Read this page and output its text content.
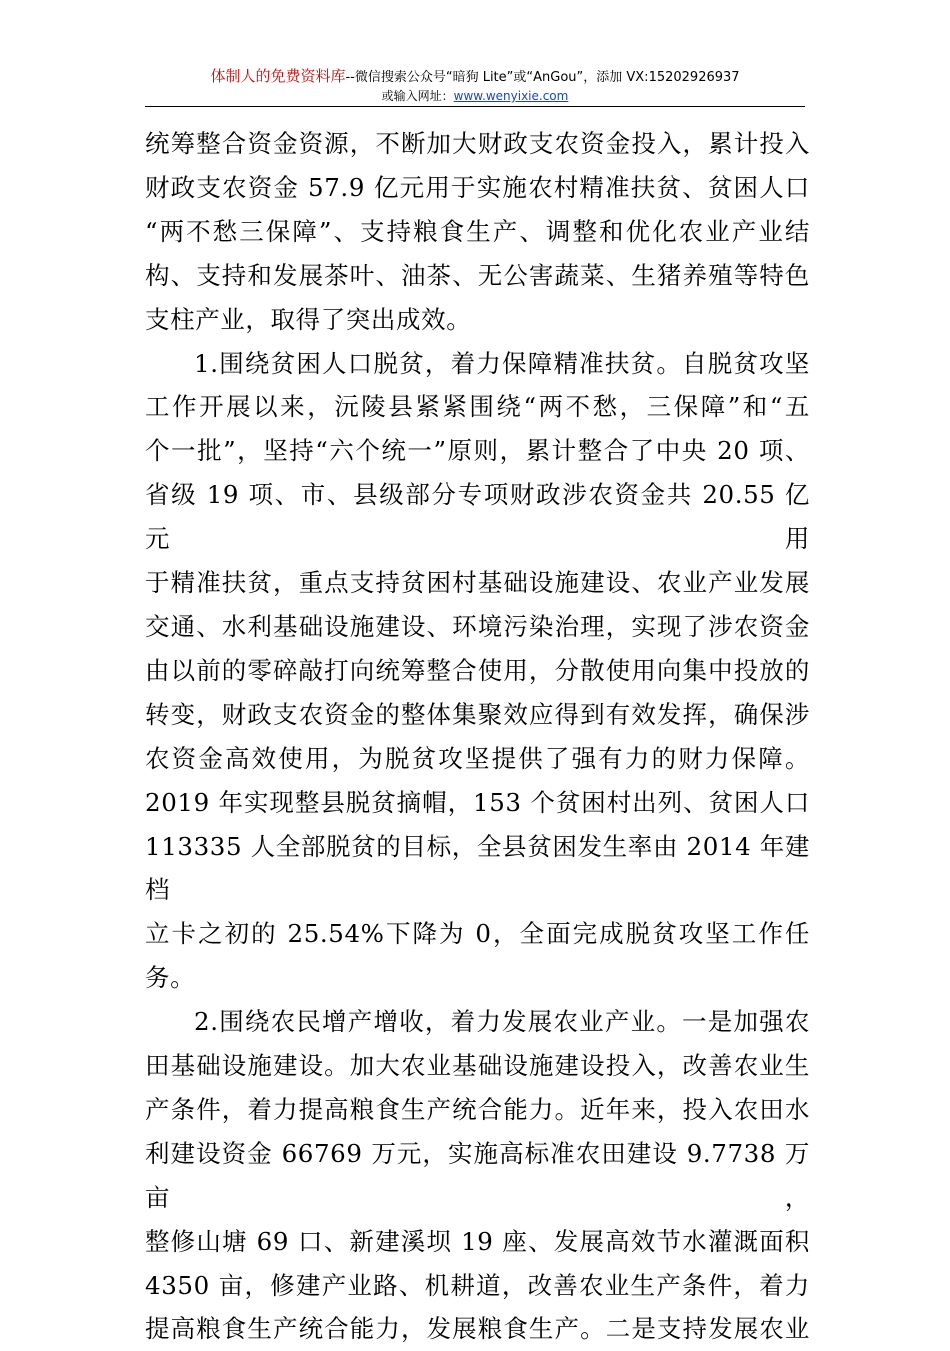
体制人的免费资料库--微信搜索公众号“暗狗 Lite”或“AnGou”，添加 VX:15202926937
或输入网址：www.wenyixie.com

统筹整合资金资源，不断加大财政支农资金投入，累计投入

财政支农资金 57.9 亿元用于实施农村精准扶贫、贫困人口

“两不愁三保障”、支持粮食生产、调整和优化农业产业结

构、支持和发展茶叶、油茶、无公害蔬菜、生猪养殖等特色

支柱产业，取得了突出成效。

1.围绕贫困人口脱贫，着力保障精准扶贫。自脱贫攻坚

工作开展以来，沅陵县紧紧围绕“两不愁，三保障”和“五

个一批”，坚持“六个统一”原则，累计整合了中央 20 项、

省级 19 项、市、县级部分专项财政涉农资金共 20.55 亿元用

于精准扶贫，重点支持贫困村基础设施建设、农业产业发展

交通、水利基础设施建设、环境污染治理，实现了涉农资金

由以前的零碎敲打向统筹整合使用，分散使用向集中投放的

转变，财政支农资金的整体集聚效应得到有效发挥，确保涉

农资金高效使用，为脱贫攻坚提供了强有力的财力保障。

2019 年实现整县脱贫摘帽，153 个贫困村出列、贫困人口

113335 人全部脱贫的目标，全县贫困发生率由 2014 年建档

立卡之初的 25.54%下降为 0，全面完成脱贫攻坚工作任务。

2.围绕农民增产增收，着力发展农业产业。一是加强农

田基础设施建设。加大农业基础设施建设投入，改善农业生

产条件，着力提高粮食生产统合能力。近年来，投入农田水

利建设资金 66769 万元，实施高标准农田建设 9.7738 万亩，

整修山塘 69 口、新建溪坝 19 座、发展高效节水灌溉面积

4350 亩，修建产业路、机耕道，改善农业生产条件，着力

提高粮食生产统合能力，发展粮食生产。二是支持发展农业
